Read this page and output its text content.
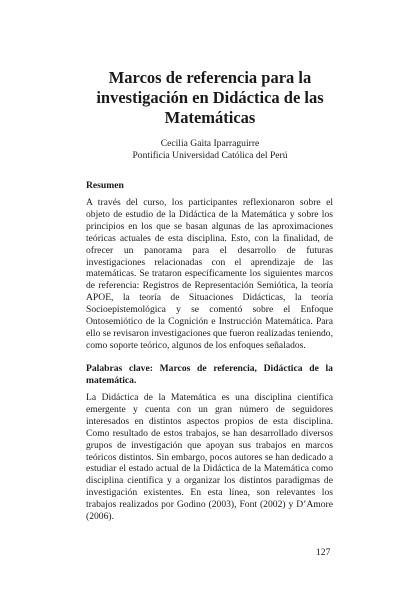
Marcos de referencia para la investigación en Didáctica de las Matemáticas
Cecilia Gaita Iparraguirre
Pontificia Universidad Católica del Perú
Resumen

A través del curso, los participantes reflexionaron sobre el objeto de estudio de la Didáctica de la Matemática y sobre los principios en los que se basan algunas de las aproximaciones teóricas actuales de esta disciplina. Esto, con la finalidad, de ofrecer un panorama para el desarrollo de futuras investigaciones relacionadas con el aprendizaje de las matemáticas. Se trataron específicamente los siguientes marcos de referencia: Registros de Representación Semiótica, la teoría APOE, la teoría de Situaciones Didácticas, la teoría Socioepistemológica y se comentó sobre el Enfoque Ontosemiótico de la Cognición e Instrucción Matemática. Para ello se revisaron investigaciones que fueron realizadas teniendo, como soporte teórico, algunos de los enfoques señalados.

Palabras clave: Marcos de referencia, Didáctica de la matemática.

La Didáctica de la Matemática es una disciplina científica emergente y cuenta con un gran número de seguidores interesados en distintos aspectos propios de esta disciplina. Como resultado de estos trabajos, se han desarrollado diversos grupos de investigación que apoyan sus trabajos en marcos teóricos distintos. Sin embargo, pocos autores se han dedicado a estudiar el estado actual de la Didáctica de la Matemática como disciplina científica y a organizar los distintos paradigmas de investigación existentes. En esta línea, son relevantes los trabajos realizados por Godino (2003), Font (2002) y D’Amore (2006).

127
